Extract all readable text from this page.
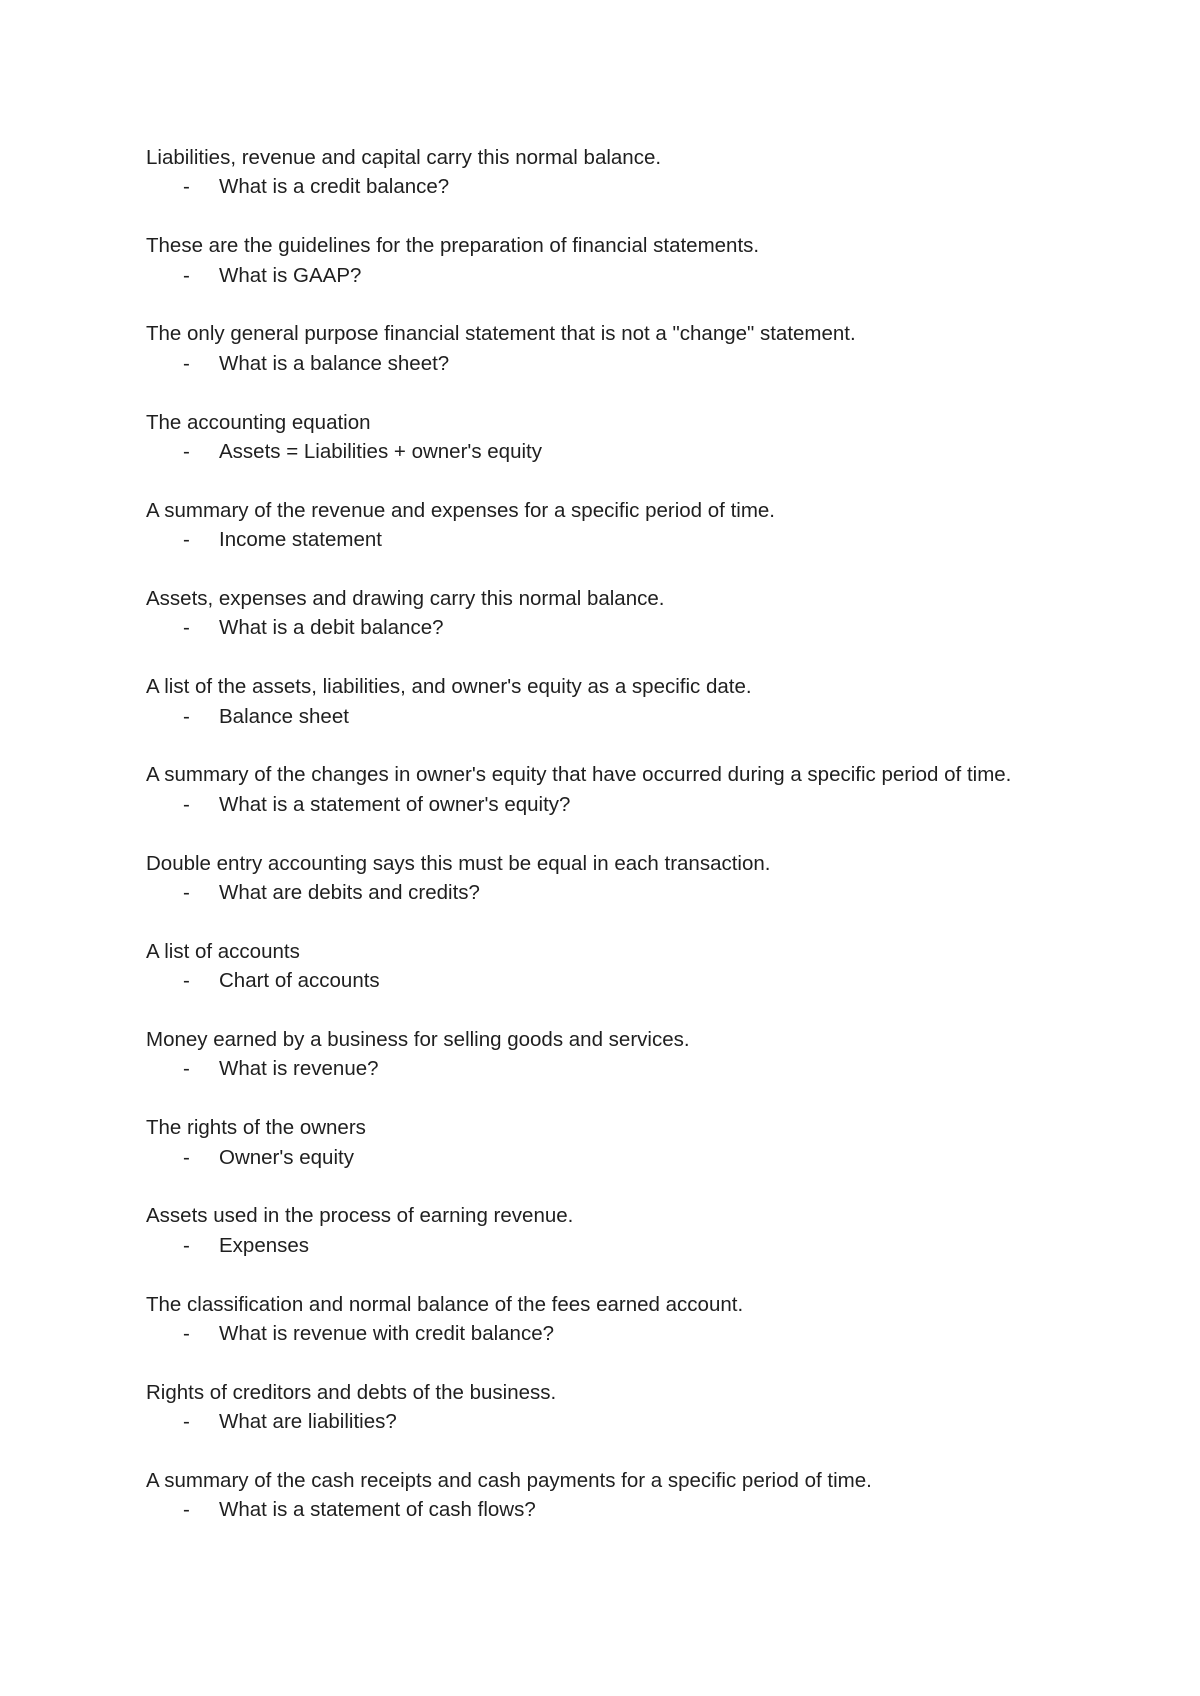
Liabilities, revenue and capital carry this normal balance.
- What is a credit balance?
These are the guidelines for the preparation of financial statements.
- What is GAAP?
The only general purpose financial statement that is not a "change" statement.
- What is a balance sheet?
The accounting equation
- Assets = Liabilities + owner's equity
A summary of the revenue and expenses for a specific period of time.
- Income statement
Assets, expenses and drawing carry this normal balance.
- What is a debit balance?
A list of the assets, liabilities, and owner's equity as a specific date.
- Balance sheet
A summary of the changes in owner's equity that have occurred during a specific period of time.
- What is a statement of owner's equity?
Double entry accounting says this must be equal in each transaction.
- What are debits and credits?
A list of accounts
- Chart of accounts
Money earned by a business for selling goods and services.
- What is revenue?
The rights of the owners
- Owner's equity
Assets used in the process of earning revenue.
- Expenses
The classification and normal balance of the fees earned account.
- What is revenue with credit balance?
Rights of creditors and debts of the business.
- What are liabilities?
A summary of the cash receipts and cash payments for a specific period of time.
- What is a statement of cash flows?
